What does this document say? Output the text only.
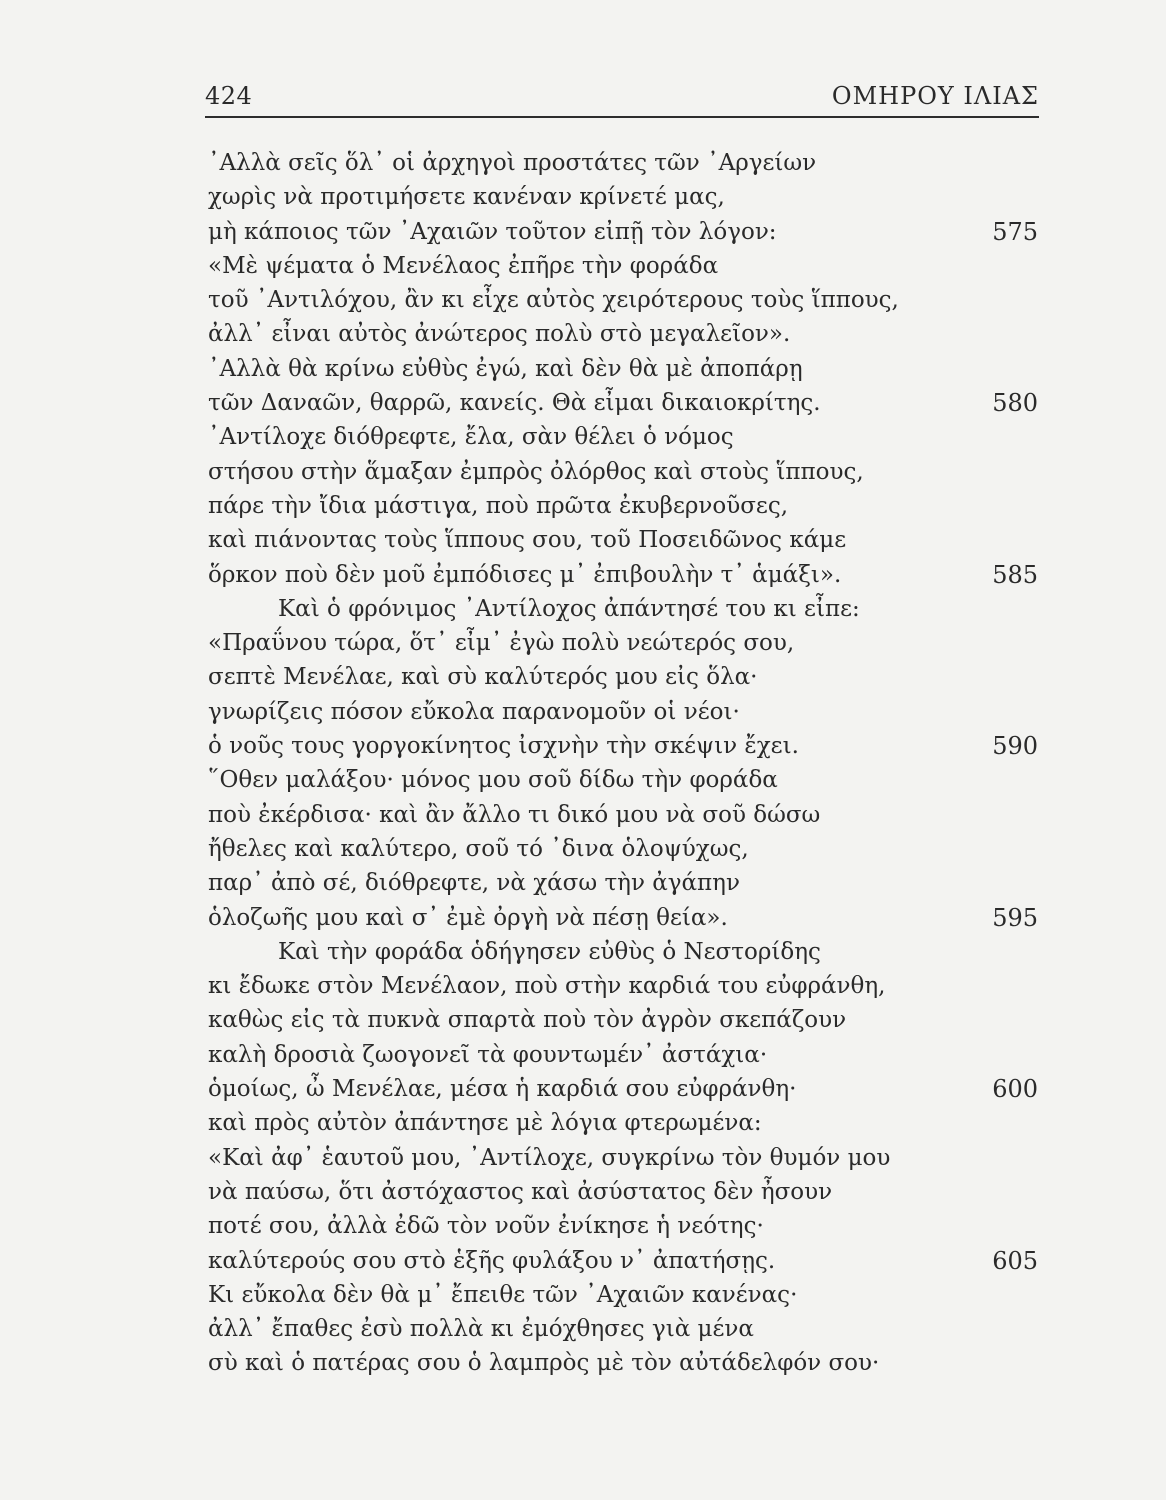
424	ΟΜΗΡΟΥ ΙΛΙΑΣ
᾿Αλλὰ σεῖς ὅλ᾿ οἱ ἀρχηγοὶ προστάτες τῶν ᾿Αργείων
χωρὶς νὰ προτιμήσετε κανέναν κρίνετέ μας,
μὴ κάποιος τῶν ᾿Αχαιῶν τοῦτον εἰπῇ τὸν λόγον:	575
«Μὲ ψέματα ὁ Μενέλαος ἐπῆρε τὴν φοράδα
τοῦ ᾿Αντιλόχου, ἂν κι εἶχε αὐτὸς χειρότερους τοὺς ἵππους,
ἀλλ᾿ εἶναι αὐτὸς ἀνώτερος πολὺ στὸ μεγαλεῖον».
᾿Αλλὰ θὰ κρίνω εὐθὺς ἐγώ, καὶ δὲν θὰ μὲ ἀποπάρῃ
τῶν Δαναῶν, θαρρῶ, κανείς. Θὰ εἶμαι δικαιοκρίτης.	580
᾿Αντίλοχε διόθρεφτε, ἔλα, σὰν θέλει ὁ νόμος
στήσου στὴν ἅμαξαν ἐμπρὸς ὀλόρθος καὶ στοὺς ἵππους,
πάρε τὴν ἴδια μάστιγα, ποὺ πρῶτα ἐκυβερνοῦσες,
καὶ πιάνοντας τοὺς ἵππους σου, τοῦ Ποσειδῶνος κάμε
ὅρκον ποὺ δὲν μοῦ ἐμπόδισες μ᾿ ἐπιβουλὴν τ᾿ ἁμάξι».	585
Καὶ ὁ φρόνιμος ᾿Αντίλοχος ἀπάντησέ του κι εἶπε:
«Πραΰνου τώρα, ὅτ᾿ εἶμ᾿ ἐγὼ πολὺ νεώτερός σου,
σεπτὲ Μενέλαε, καὶ σὺ καλύτερός μου εἰς ὅλα·
γνωρίζεις πόσον εὔκολα παρανομοῦν οἱ νέοι·
ὁ νοῦς τους γοργοκίνητος ἰσχνὴν τὴν σκέψιν ἔχει.	590
῞Οθεν μαλάξου· μόνος μου σοῦ δίδω τὴν φοράδα
ποὺ ἐκέρδισα· καὶ ἂν ἄλλο τι δικό μου νὰ σοῦ δώσω
ἤθελες καὶ καλύτερο, σοῦ τό ᾿δινα ὁλοψύχως,
παρ᾿ ἀπὸ σέ, διόθρεφτε, νὰ χάσω τὴν ἀγάπην
ὁλοζωῆς μου καὶ σ᾿ ἐμὲ ὀργὴ νὰ πέσῃ θεία».	595
Καὶ τὴν φοράδα ὁδήγησεν εὐθὺς ὁ Νεστορίδης
κι ἔδωκε στὸν Μενέλαον, ποὺ στὴν καρδιά του εὐφράνθη,
καθὼς εἰς τὰ πυκνὰ σπαρτὰ ποὺ τὸν ἀγρὸν σκεπάζουν
καλὴ δροσιὰ ζωογονεῖ τὰ φουντωμέν᾿ ἀστάχια·
ὁμοίως, ὦ Μενέλαε, μέσα ἡ καρδιά σου εὐφράνθη·	600
καὶ πρὸς αὐτὸν ἀπάντησε μὲ λόγια φτερωμένα:
«Καὶ ἀφ᾿ ἑαυτοῦ μου, ᾿Αντίλοχε, συγκρίνω τὸν θυμόν μου
νὰ παύσω, ὅτι ἀστόχαστος καὶ ἀσύστατος δὲν ἦσουν
ποτέ σου, ἀλλὰ ἐδῶ τὸν νοῦν ἐνίκησε ἡ νεότης·
καλύτερούς σου στὸ ἑξῆς φυλάξου ν᾿ ἀπατήσῃς.	605
Κι εὔκολα δὲν θὰ μ᾿ ἔπειθε τῶν ᾿Αχαιῶν κανένας·
ἀλλ᾿ ἔπαθες ἐσὺ πολλὰ κι ἐμόχθησες γιὰ μένα
σὺ καὶ ὁ πατέρας σου ὁ λαμπρὸς μὲ τὸν αὐτάδελφόν σου·
